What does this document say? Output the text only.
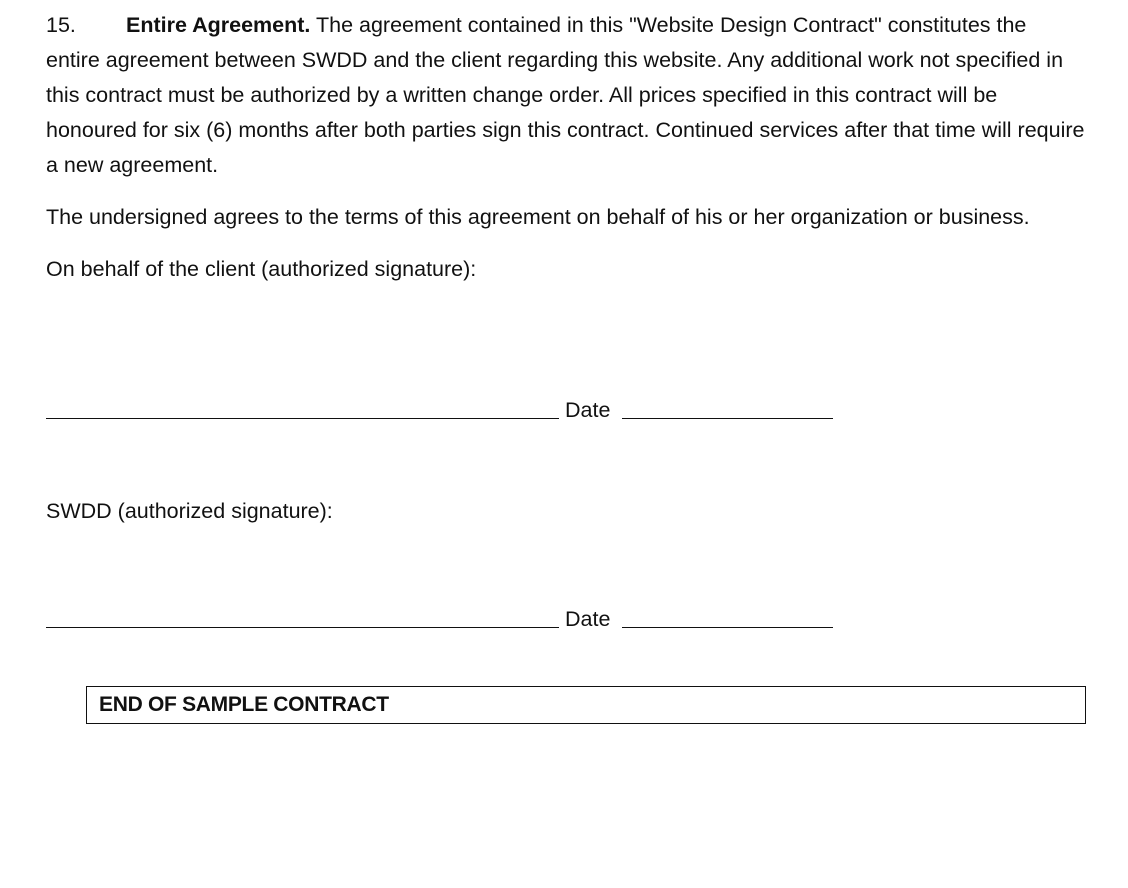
15. Entire Agreement. The agreement contained in this "Website Design Contract" constitutes the entire agreement between SWDD and the client regarding this website. Any additional work not specified in this contract must be authorized by a written change order. All prices specified in this contract will be honoured for six (6) months after both parties sign this contract. Continued services after that time will require a new agreement.

The undersigned agrees to the terms of this agreement on behalf of his or her organization or business.

On behalf of the client (authorized signature):

Date
SWDD (authorized signature):
Date
END OF SAMPLE CONTRACT
